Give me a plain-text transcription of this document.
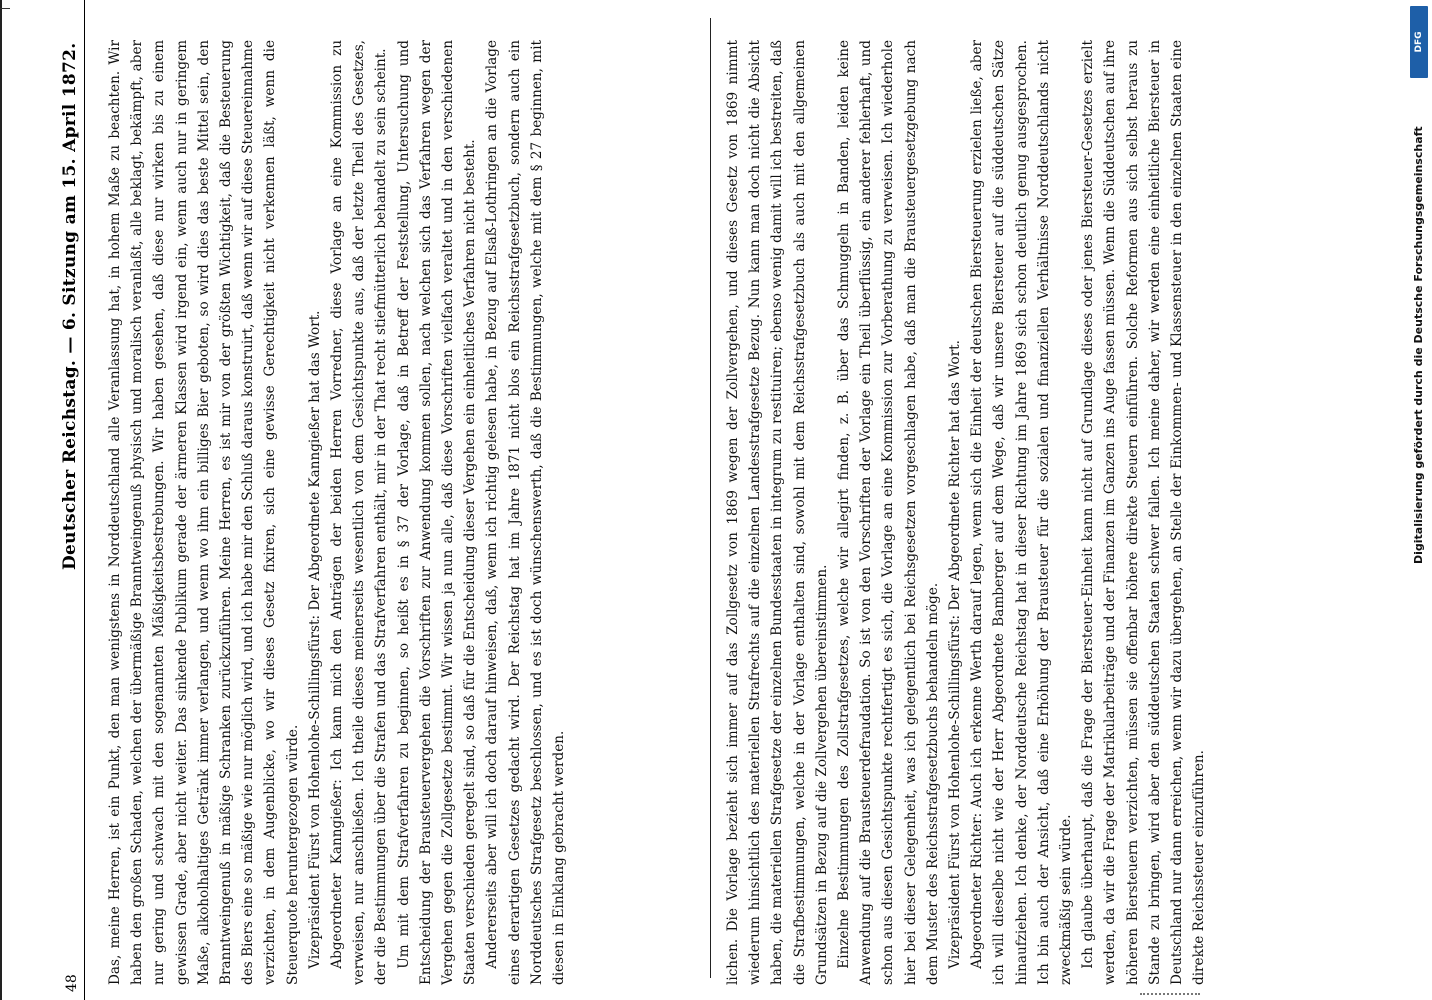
48
Deutscher Reichstag. — 6. Sitzung am 15. April 1872. Das, meine Herren, ist ein Punkt, den man wenigstens in Norddeutschland alle Veranlassung hat, in hohem Maße zu beachten. Wir haben den großen Schaden, welchen der übermäßige Branntweingenuß physisch und moralisch veranlaßt, alle beklagt, bekämpft, aber nur gering und schwach mit den sogenannten Mäßigkeitsbestrebungen. Wir haben gesehen, daß diese nur wirken bis zu einem gewissen Grade, aber nicht weiter. Das sinkende Publikum gerade der ärmeren Klassen wird irgend ein, wenn auch nur in geringem Maße, alkoholhaltiges Getränk immer verlangen, und wenn wo ihm ein billiges Bier geboten, so wird dies das beste Mittel sein, den Branntweingenuß in mäßige Schranken zurückzuführen. Meine Herren, es ist mir von der größten Wichtigkeit, daß die Besteuerung des Biers eine so mäßige wie nur möglich wird, und ich habe mir den Schluß daraus konstruirt, daß wenn wir auf diese Steuereinnahme verzichten, in dem Augenblicke, wo wir dieses Gesetz fixiren, sich eine gewisse Gerechtigkeit nicht verkennen läßt, wenn die Steuerquote heruntergezogen würde. Vizepräsident Fürst von Hohenlohe-Schillingsfürst: Der Abgeordnete Kanngießer hat das Wort. Abgeordneter Kanngießer: Ich kann mich den Anträgen der beiden Herren Vorredner, diese Vorlage an eine Kommission zu verweisen, nur anschließen. Ich theile dieses meinerseits wesentlich von dem Gesichtspunkte aus, daß der letzte Theil des Gesetzes, der die Bestimmungen über die Strafen und das Strafverfahren enthält, mir in der That recht stiefmütterlich behandelt zu sein scheint. Um mit dem Strafverfahren zu beginnen, so heißt es in § 37 der Vorlage, daß in Betreff der Feststellung, Untersuchung und Entscheidung der Brausteuervergehen die Vorschriften zur Anwendung kommen sollen, nach welchen sich das Verfahren wegen der Vergehen gegen die Zollgesetze bestimmt. Wir wissen ja nun alle, daß diese Vorschriften vielfach veraltet und in den verschiedenen Staaten verschieden geregelt sind, so daß für die Entscheidung dieser Vergehen ein einheitliches Verfahren nicht besteht. Andererseits aber will ich doch darauf hinweisen, daß, wenn ich richtig gelesen habe, in Bezug auf Elsaß-Lothringen an die Vorlage eines derartigen Gesetzes gedacht wird. Der Reichstag hat im Jahre 1871 nicht blos ein Reichsstrafgesetzbuch, sondern auch ein Norddeutsches Strafgesetz beschlossen, und es ist doch wünschenswerth, daß die Bestimmungen, welche mit dem § 27 beginnen, mit diesen in Einklang gebracht werden.	lichen. Die Vorlage bezieht sich immer auf das Zollgesetz von 1869 wegen der Zollvergehen, und dieses Gesetz von 1869 nimmt wiederum hinsichtlich des materiellen Strafrechts auf die einzelnen Landesstrafgesetze Bezug. Nun kann man doch nicht die Absicht haben, die materiellen Strafgesetze der einzelnen Bundesstaaten in integrum zu restituiren; ebenso wenig damit will ich bestreiten, daß die Strafbestimmungen, welche in der Vorlage enthalten sind, sowohl mit dem Reichsstrafgesetzbuch als auch mit den allgemeinen Grundsätzen in Bezug auf die Zollvergehen übereinstimmen. Einzelne Bestimmungen des Zollstrafgesetzes, welche wir allegirt finden, z. B. über das Schmuggeln in Banden, leiden keine Anwendung auf die Brausteuerdefraudation. So ist von den Vorschriften der Vorlage ein Theil überflüssig, ein anderer fehlerhaft, und schon aus diesen Gesichtspunkte rechtfertigt es sich, die Vorlage an eine Kommission zur Vorberathung zu verweisen. Ich wiederhole hier bei dieser Gelegenheit, was ich gelegentlich bei Reichsgesetzen vorgeschlagen habe, daß man die Brausteuergesetzgebung nach dem Muster des Reichsstrafgesetzbuchs behandeln möge. Vizepräsident Fürst von Hohenlohe-Schillingsfürst: Der Abgeordnete Richter hat das Wort. Abgeordneter Richter: Auch ich erkenne Werth darauf legen, wenn sich die Einheit der deutschen Biersteuerung erzielen ließe, aber ich will dieselbe nicht wie der Herr Abgeordnete Bamberger auf dem Wege, daß wir unsere Biersteuer auf die süddeutschen Sätze hinaufziehen. Ich denke, der Norddeutsche Reichstag hat in dieser Richtung im Jahre 1869 sich schon deutlich genug ausgesprochen. Ich bin auch der Ansicht, daß eine Erhöhung der Brausteuer für die sozialen und finanziellen Verhältnisse Norddeutschlands nicht zweckmäßig sein würde. Ich glaube überhaupt, daß die Frage der Biersteuer-Einheit kann nicht auf Grundlage dieses oder jenes Biersteuer-Gesetzes erzielt werden, da wir die Frage der Matrikularbeiträge und der Finanzen im Ganzen ins Auge fassen müssen. Wenn die Süddeutschen auf ihre höheren Biersteuern verzichten, müssen sie offenbar höhere direkte Steuern einführen. Solche Reformen aus sich selbst heraus zu Stande zu bringen, wird aber den süddeutschen Staaten schwer fallen. Ich meine daher, wir werden eine einheitliche Biersteuer in Deutschland nur dann erreichen, wenn wir dazu übergehen, an Stelle der Einkommen- und Klassensteuer in den einzelnen Staaten eine direkte Reichssteuer einzuführen.

Digitalisierung gefördert durch die Deutsche Forschungsgemeinschaft
DFG
